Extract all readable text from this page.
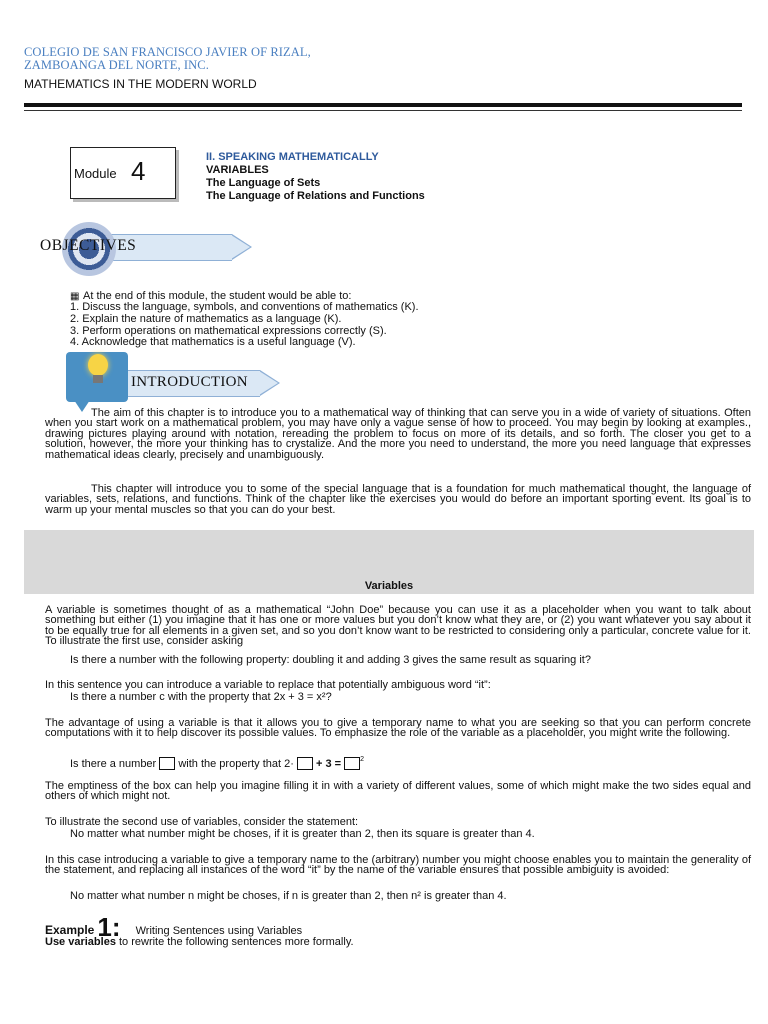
COLEGIO DE SAN FRANCISCO JAVIER OF RIZAL,
ZAMBOANGA DEL NORTE, INC.
MATHEMATICS IN THE MODERN WORLD
Module 4	II. SPEAKING MATHEMATICALLY
VARIABLES
The Language of Sets
The Language of Relations and Functions
OBJECTIVES
▦ At the end of this module, the student would be able to:
1. Discuss the language, symbols, and conventions of mathematics (K).
2. Explain the nature of mathematics as a language (K).
3. Perform operations on mathematical expressions correctly (S).
4. Acknowledge that mathematics is a useful language (V).
INTRODUCTION
The aim of this chapter is to introduce you to a mathematical way of thinking that can serve you in a wide of variety of situations. Often when you start work on a mathematical problem, you may have only a vague sense of how to proceed. You may begin by looking at examples., drawing pictures playing around with notation, rereading the problem to focus on more of its details, and so forth. The closer you get to a solution, however, the more your thinking has to crystalize. And the more you need to understand, the more you need language that expresses mathematical ideas clearly, precisely and unambiguously.
This chapter will introduce you to some of the special language that is a foundation for much mathematical thought, the language of variables, sets, relations, and functions. Think of the chapter like the exercises you would do before an important sporting event. Its goal is to warm up your mental muscles so that you can do your best.
Variables
A variable is sometimes thought of as a mathematical “John Doe” because you can use it as a placeholder when you want to talk about something but either (1) you imagine that it has one or more values but you don’t know what they are, or (2) you want whatever you say about it to be equally true for all elements in a given set, and so you don’t know want to be restricted to considering only a particular, concrete value for it. To illustrate the first use, consider asking
Is there a number with the following property: doubling it and adding 3 gives the same result as squaring it?
In this sentence you can introduce a variable to replace that potentially ambiguous word “it”:
Is there a number c with the property that 2x + 3 = x²?
The advantage of using a variable is that it allows you to give a temporary name to what you are seeking so that you can perform concrete computations with it to help discover its possible values. To emphasize the role of the variable as a placeholder, you might write the following.
Is there a number with the property that 2· + 3 =	$^2$
The emptiness of the box can help you imagine filling it in with a variety of different values, some of which might make the two sides equal and others of which might not.
To illustrate the second use of variables, consider the statement:
No matter what number might be choses, if it is greater than 2, then its square is greater than 4.
In this case introducing a variable to give a temporary name to the (arbitrary) number you might choose enables you to maintain the generality of the statement, and replacing all instances of the word “it” by the name of the variable ensures that possible ambiguity is avoided:
No matter what number n might be choses, if n is greater than 2, then n² is greater than 4.
Example 1: Writing Sentences using Variables
Use variables to rewrite the following sentences more formally.
